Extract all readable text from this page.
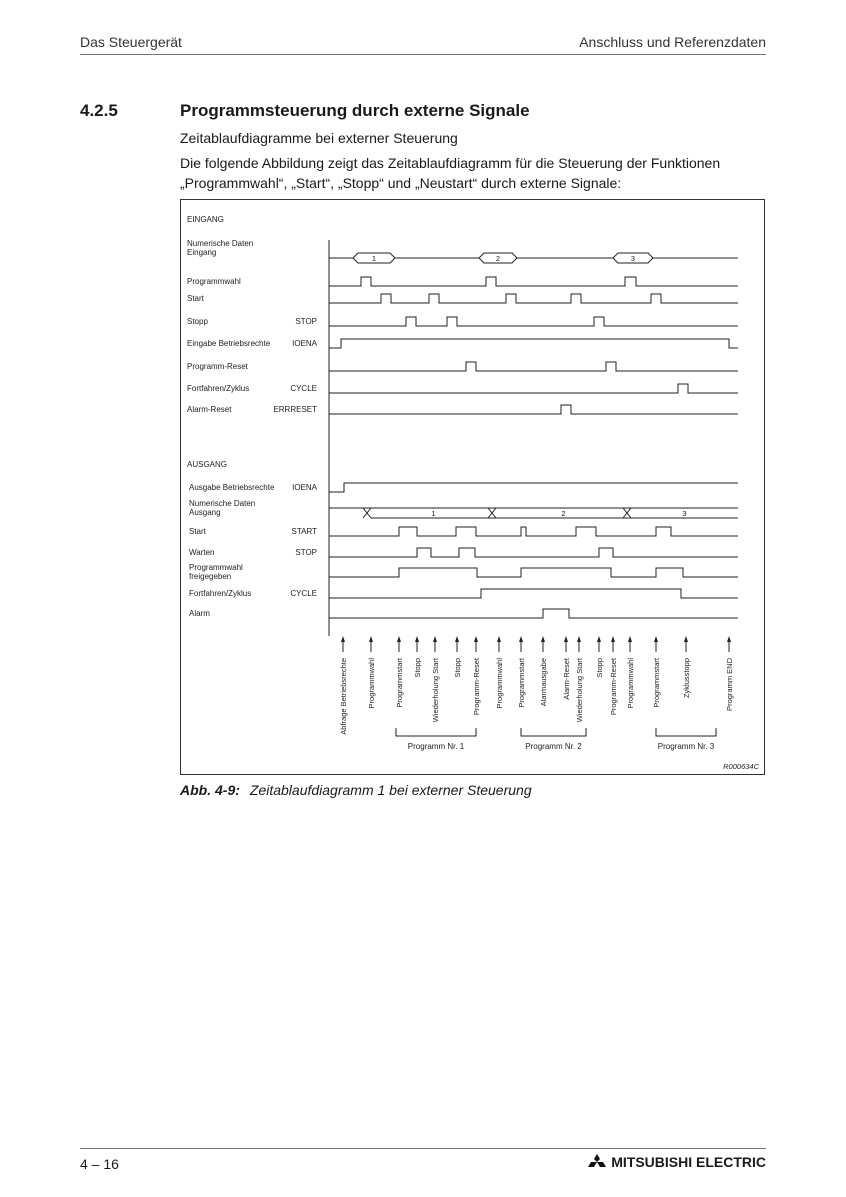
Das Steuergerät	Anschluss und Referenzdaten
4.2.5	Programmsteuerung durch externe Signale
Zeitablaufdiagramme bei externer Steuerung
Die folgende Abbildung zeigt das Zeitablaufdiagramm für die Steuerung der Funktionen „Programmwahl“, „Start“, „Stopp“ und „Neustart“ durch externe Signale:
EINGANG
AUSGANG
Numerische Daten
Eingang
Programmwahl
Start
Stopp	STOP
Eingabe Betriebsrechte	IOENA
Programm-Reset
Fortfahren/Zyklus	CYCLE
Alarm-Reset	ERRRESET
Ausgabe Betriebsrechte IOENA
Numerische Daten
Ausgang
Start	START
Warten	STOP
Programmwahl
freigegeben
Fortfahren/Zyklus	CYCLE
Alarm
1	2	3
1	2	3
Abfrage Betriebsrechte	Programmwahl	Programmstart Stopp Wiederholung Start Stopp Programm-Reset Programmwahl Programmstart Alarmausgabe Alarm-Reset Wiederholung Start Stopp Programm-Reset Programmwahl Programmstart	Zyklusstopp	Programm END
Programm Nr. 1	Programm Nr. 2	Programm Nr. 3
R000634C
Abb. 4-9: Zeitablaufdiagramm 1 bei externer Steuerung
4 – 16	MITSUBISHI ELECTRIC
